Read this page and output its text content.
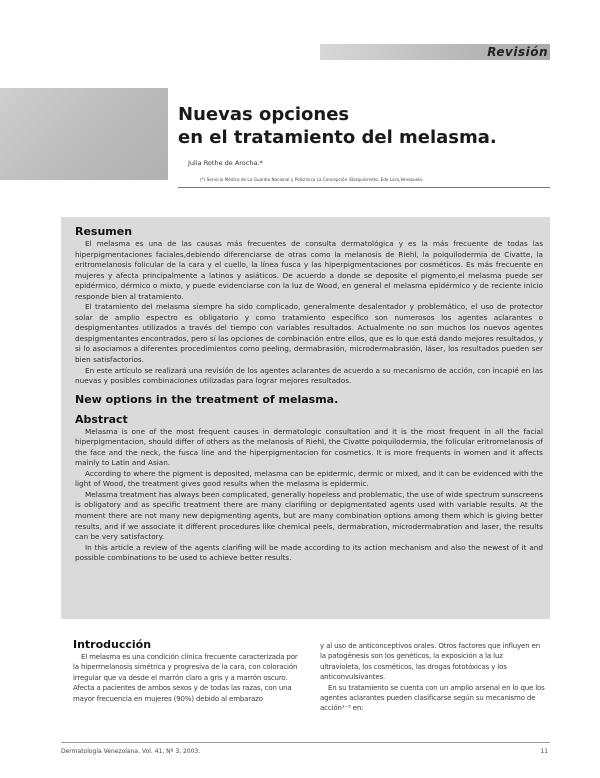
Revisión
Nuevas opciones
en el tratamiento del melasma.
Julia Rothe de Arocha.*
(*) Servicio Médico de La Guardia Nacional y Policlínica La Concepción (Barquisimeto, Edo Lara,Venezuela.
Resumen

El melasma es una de las causas más frecuentes de consulta dermatológica y es la más frecuente de todas las hiperpigmentaciones faciales,debiendo diferenciarse de otras como la melanosis de Riehl, la poiquilodermia de Civatte, la eritromelanosis folicular de la cara y el cuello, la línea fusca y las hiperpigmentaciones por cosméticos. Es más frecuente en mujeres y afecta principalmente a latinos y asiáticos. De acuerdo a donde se deposite el pigmento,el melasma puede ser epidérmico, dérmico o mixto, y puede evidenciarse con la luz de Wood, en general el melasma epidérmico y de reciente inicio responde bien al tratamiento.

El tratamiento del melasma siempre ha sido complicado, generalmente desalentador y problemático, el uso de protector solar de amplio espectro es obligatorio y como tratamiento específico son numerosos los agentes aclarantes o despigmentantes utilizados a través del tiempo con variables resultados. Actualmente no son muchos los nuevos agentes despigmentantes encontrados, pero sí las opciones de combinación entre ellos, que es lo que está dando mejores resultados, y si lo asociamos a diferentes procedimientos como peeling, dermabrasión, microdermabrasión, láser, los resultados pueden ser bien satisfactorios.

En este artículo se realizará una revisión de los agentes aclarantes de acuerdo a su mecanismo de acción, con incapié en las nuevas y posibles combinaciones utilizadas para lograr mejores resultados.

New options in the treatment of melasma.
Abstract

Melasma is one of the most frequent causes in dermatologic consultation and it is the most frequent in all the facial hiperpigmentacion, should differ of others as the melanosis of Riehl, the Civatte poiquilodermia, the folicular eritromelanosis of the face and the neck, the fusca line and the hiperpigmentacion for cosmetics. It is more frequents in women and it affects mainly to Latin and Asian.

According to where the pigment is deposited, melasma can be epidermic, dermic or mixed, and it can be evidenced with the light of Wood, the treatment gives good results when the melasma is epidermic.

Melasma treatment has always been complicated, generally hopeless and problematic, the use of wide spectrum sunscreens is obligatory and as specific treatment there are many clarifiing or depigmentated agents used with variable results. At the moment there are not many new depigmenting agents, but are many combination options among them which is giving better results, and if we associate it different procedures like chemical peels, dermabration, microdermabration and laser, the results can be very satisfactory.

In this article a review of the agents clarifing will be made according to its action mechanism and also the newest of it and possible combinations to be used to achieve better results.

Introducción

El melasma es una condición clínica frecuente caracterizada por la hiperrnelanosis simétrica y progresiva de la cara, con coloración irregular que va desde el marrón claro a gris y a marrón oscuro. Afecta a pacientes de ambos sexos y de todas las razas, con una mayor frecuencia en mujeres (90%) debido al embarazo

y al uso de anticonceptivos orales. Otros factores que influyen en la patogénesis son los genéticos, la exposición a la luz ultravioleta, los cosméticos, las drogas fototóxicas y los anticonvulsivantes.

En su tratamiento se cuenta con un amplio arsenal en lo que los agentes aclarantes pueden clasificarse según su mecanismo de acción¹⁻³ en:

Dermatología Venezolana. Vol. 41, Nº 3, 2003.	11
